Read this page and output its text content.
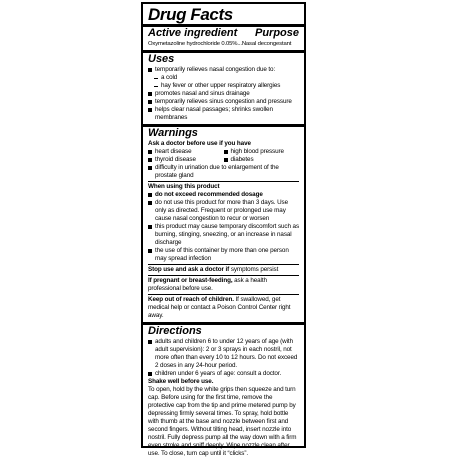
Drug Facts
Active ingredient Purpose
Oxymetazoline hydrochloride 0.05%...Nasal decongestant
Uses
temporarily relieves nasal congestion due to:
a cold
hay fever or other upper respiratory allergies
promotes nasal and sinus drainage
temporarily relieves sinus congestion and pressure
helps clear nasal passages; shrinks swollen membranes
Warnings
Ask a doctor before use if you have
heart disease	high blood pressure
thyroid disease	diabetes
difficulty in urination due to enlargement of the prostate gland
When using this product
do not exceed recommended dosage
do not use this product for more than 3 days. Use only as directed. Frequent or prolonged use may cause nasal congestion to recur or worsen
this product may cause temporary discomfort such as burning, stinging, sneezing, or an increase in nasal discharge
the use of this container by more than one person may spread infection
Stop use and ask a doctor if symptoms persist
If pregnant or breast-feeding, ask a health professional before use.
Keep out of reach of children. If swallowed, get medical help or contact a Poison Control Center right away.
Directions
adults and children 6 to under 12 years of age (with adult supervision): 2 or 3 sprays in each nostril, not more often than every 10 to 12 hours. Do not exceed 2 doses in any 24-hour period.
children under 6 years of age: consult a doctor.
Shake well before use.
To open, hold by the white grips then squeeze and turn cap. Before using for the first time, remove the protective cap from the tip and prime metered pump by depressing firmly several times. To spray, hold bottle with thumb at the base and nozzle between first and second fingers. Without tilting head, insert nozzle into nostril. Fully depress pump all the way down with a firm even stroke and sniff deeply. Wipe nozzle clean after use. To close, turn cap until it “clicks”.
